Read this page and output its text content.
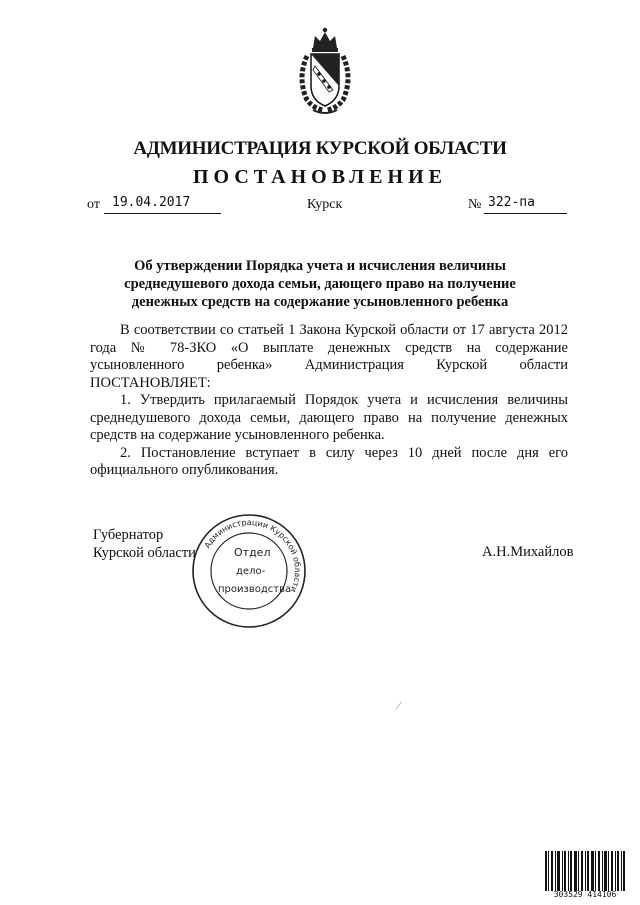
АДМИНИСТРАЦИЯ КУРСКОЙ ОБЛАСТИ
ПОСТАНОВЛЕНИЕ
от 19.04.2017	Курск	№ 322-па
Об утверждении Порядка учета и исчисления величины среднедушевого дохода семьи, дающего право на получение денежных средств на содержание усыновленного ребенка

В соответствии со статьей 1 Закона Курской области от 17 августа 2012 года № 78-ЗКО «О выплате денежных средств на содержание усыновленного ребенка» Администрация Курской области ПОСТАНОВЛЯЕТ:

1. Утвердить прилагаемый Порядок учета и исчисления величины среднедушевого дохода семьи, дающего право на получение денежных средств на содержание усыновленного ребенка.

2. Постановление вступает в силу через 10 дней после дня его официального опубликования.

Губернатор

Курской области	А.Н.Михайлов
Администрации Курской области
Отдел
дело-
производства
∕
303529 414106
